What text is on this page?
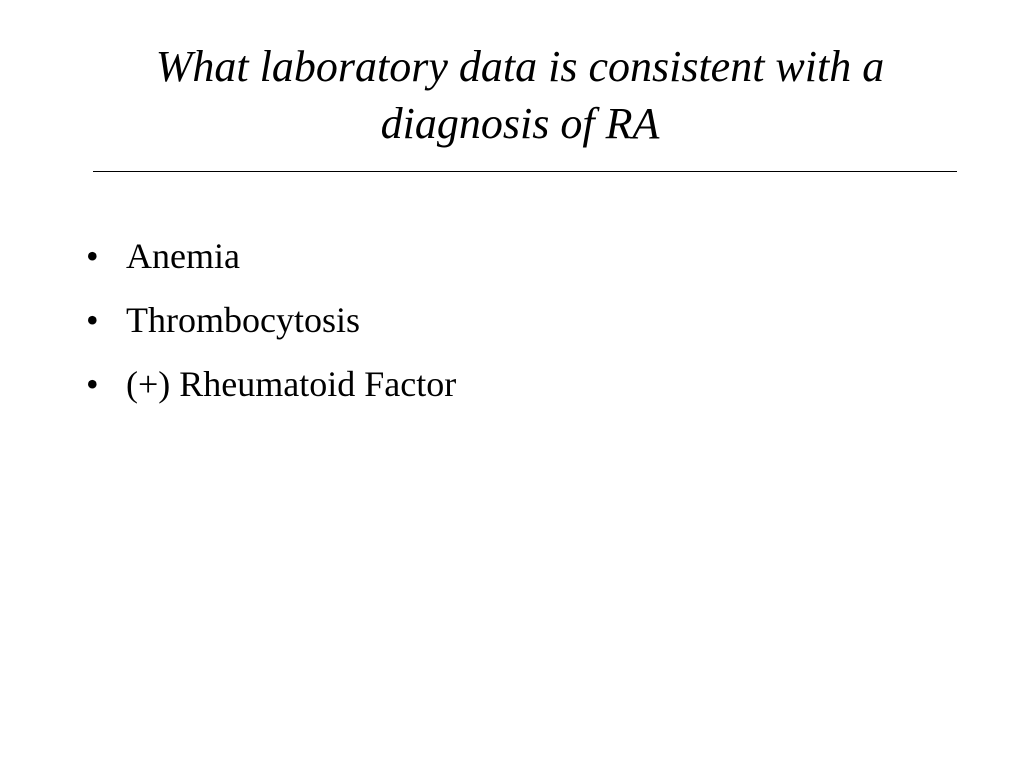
What laboratory data is consistent with a diagnosis of RA
• Anemia
• Thrombocytosis
• (+) Rheumatoid Factor
